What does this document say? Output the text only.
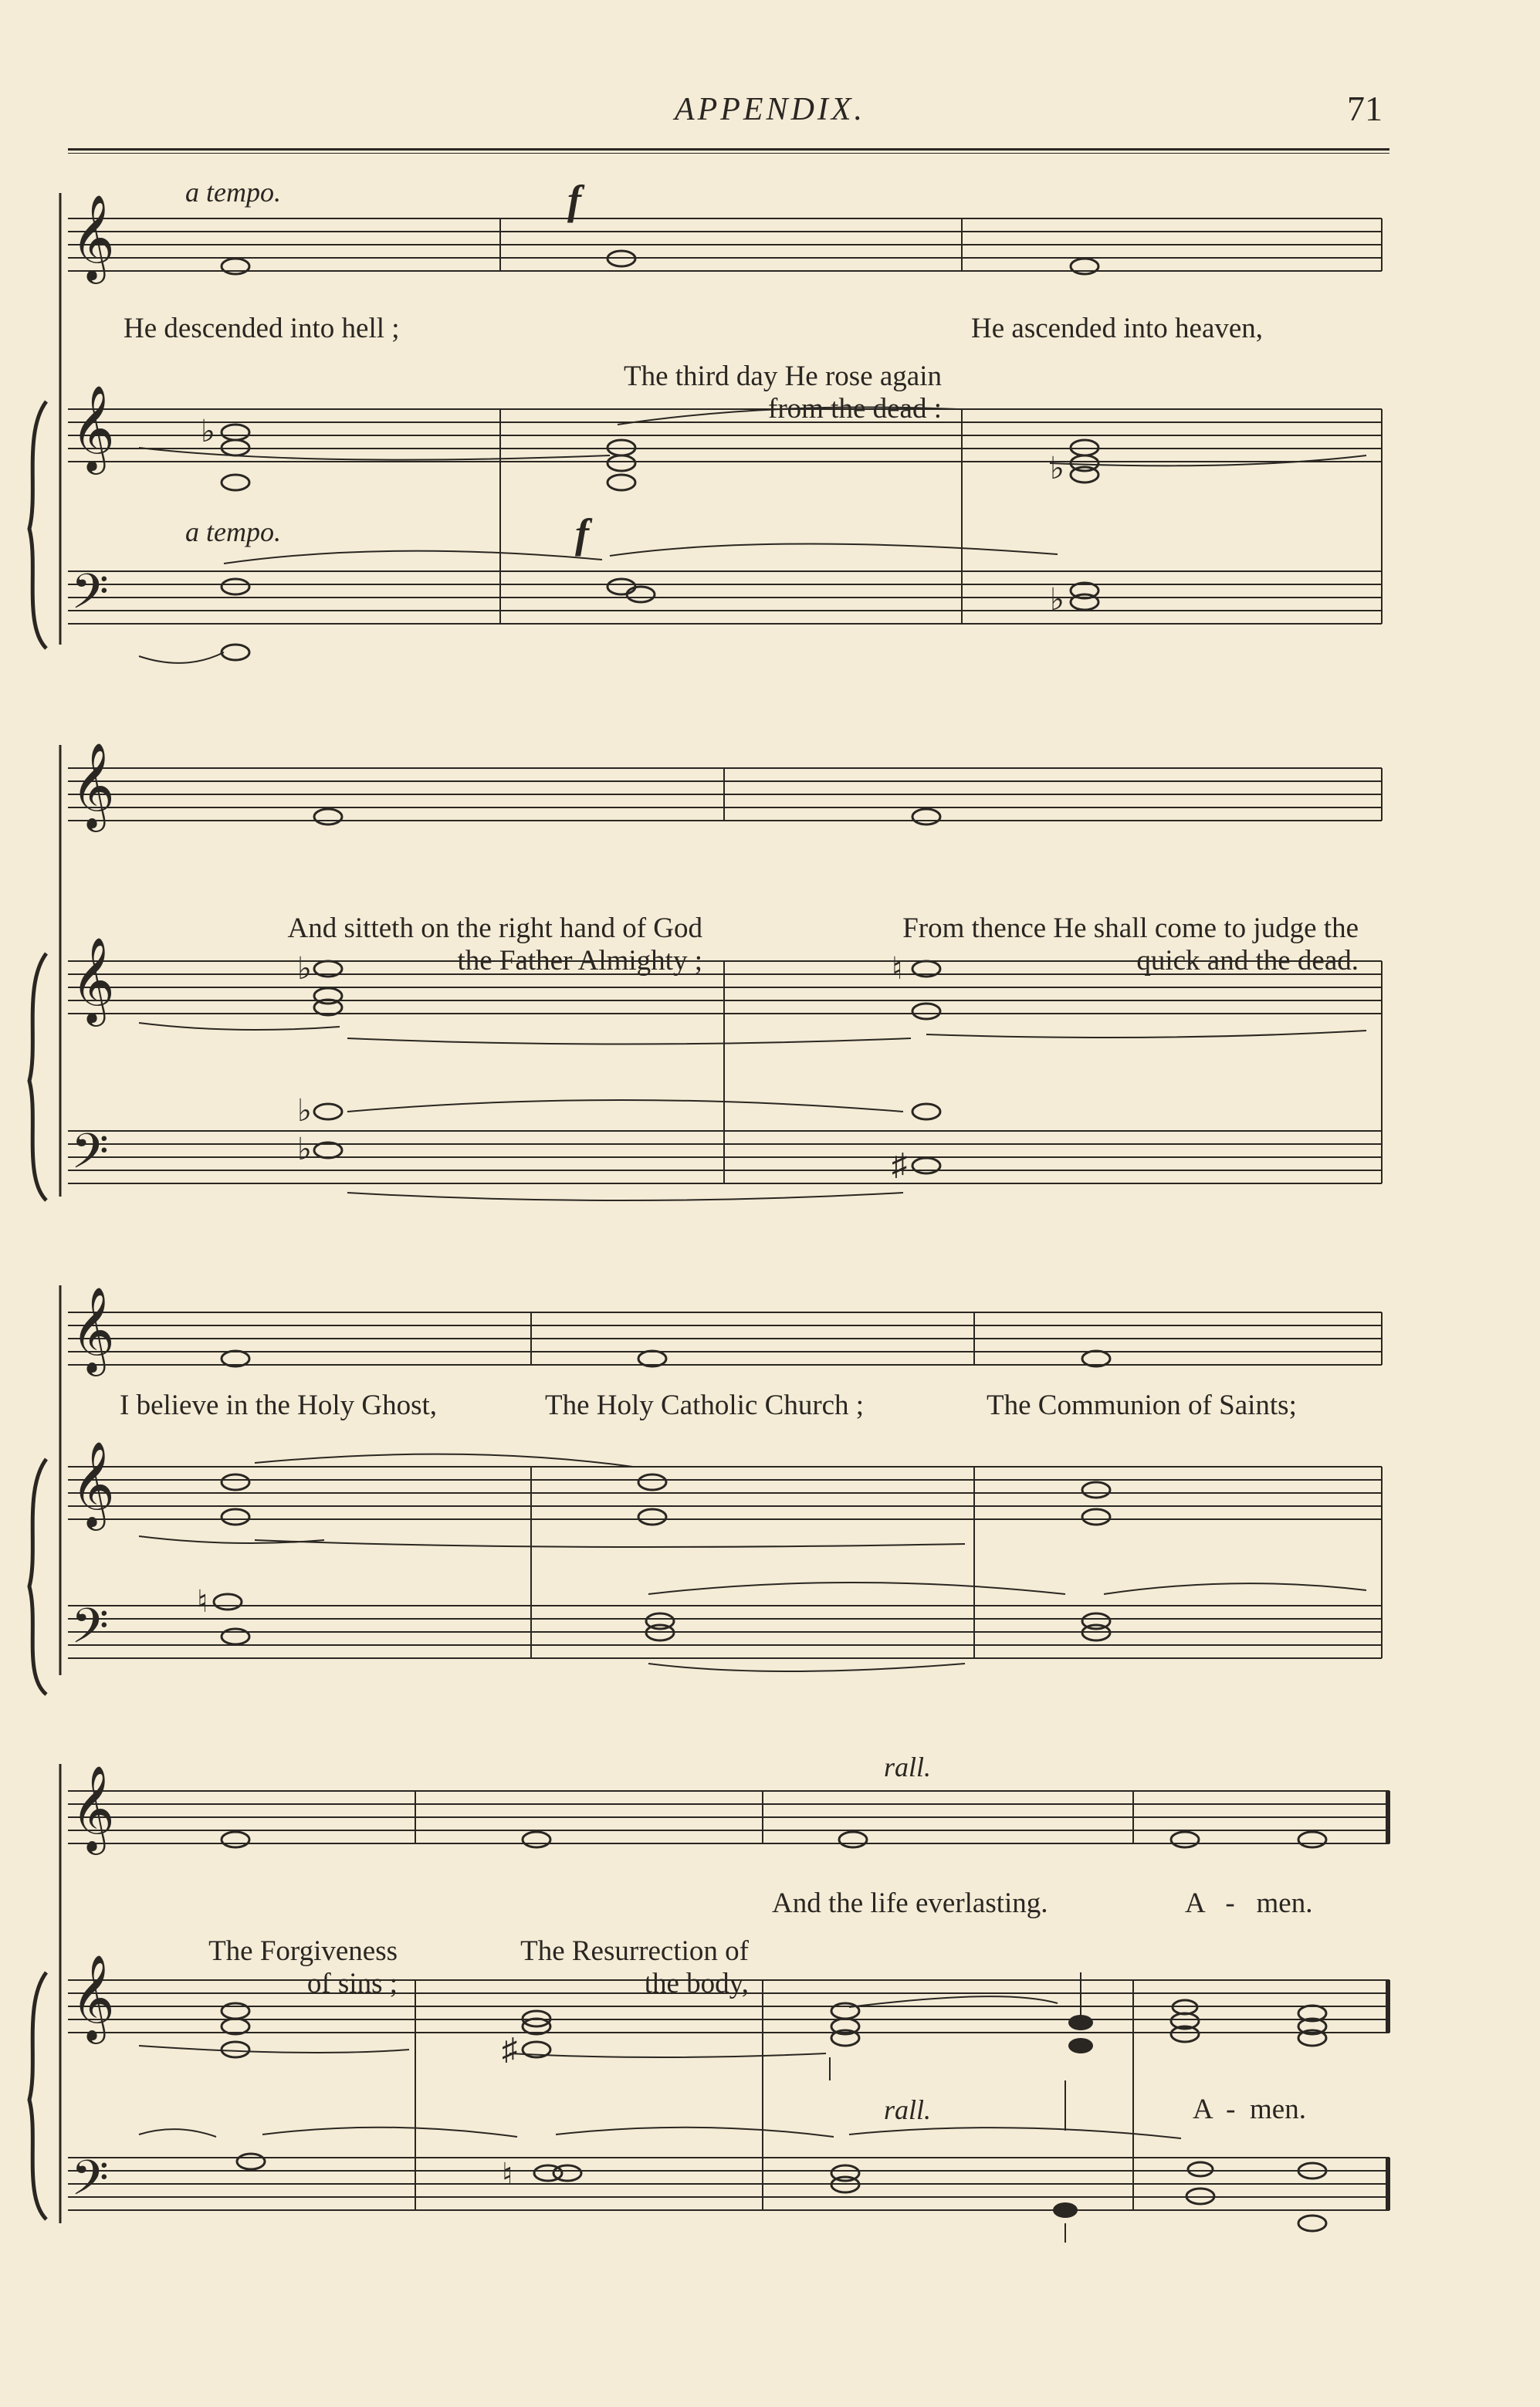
APPENDIX.	71
𝄞
𝄞
𝄢
♭
♭
♭
a tempo.	f
a tempo.	f
He descended into hell ;

The third day He rose again
from the dead :

He ascended into heaven,
𝄞
𝄞
𝄢
♭	♮
♭
♭	♯

And sitteth on the right hand of God
the Father Almighty ;

From thence He shall come to judge the
quick and the dead.

𝄞
𝄞
𝄢	♮
I believe in the Holy Ghost,	The Holy Catholic Church ;	The Communion of Saints;
𝄞
𝄞
𝄢
♯
♮
rall.
rall.	A  -  men.

The Forgiveness
of sins ;

The Resurrection of
the body,

And the life everlasting.	A   -   men.
